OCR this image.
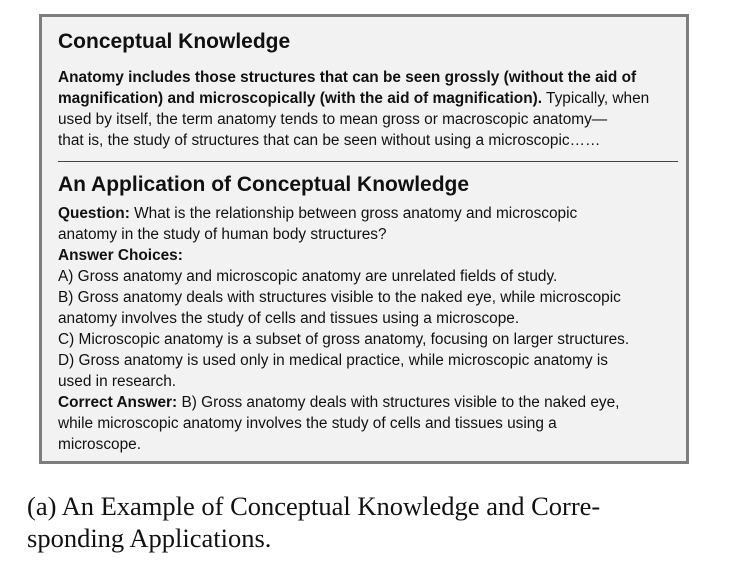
Conceptual Knowledge
Anatomy includes those structures that can be seen grossly (without the aid of
magnification) and microscopically (with the aid of magnification). Typically, when
used by itself, the term anatomy tends to mean gross or macroscopic anatomy—
that is, the study of structures that can be seen without using a microscopic……
An Application of Conceptual Knowledge
Question: What is the relationship between gross anatomy and microscopic
anatomy in the study of human body structures?
Answer Choices:
A) Gross anatomy and microscopic anatomy are unrelated fields of study.
B) Gross anatomy deals with structures visible to the naked eye, while microscopic
anatomy involves the study of cells and tissues using a microscope.
C) Microscopic anatomy is a subset of gross anatomy, focusing on larger structures.
D) Gross anatomy is used only in medical practice, while microscopic anatomy is
used in research.
Correct Answer: B) Gross anatomy deals with structures visible to the naked eye,
while microscopic anatomy involves the study of cells and tissues using a
microscope.
(a) An Example of Conceptual Knowledge and Corre-
sponding Applications.
